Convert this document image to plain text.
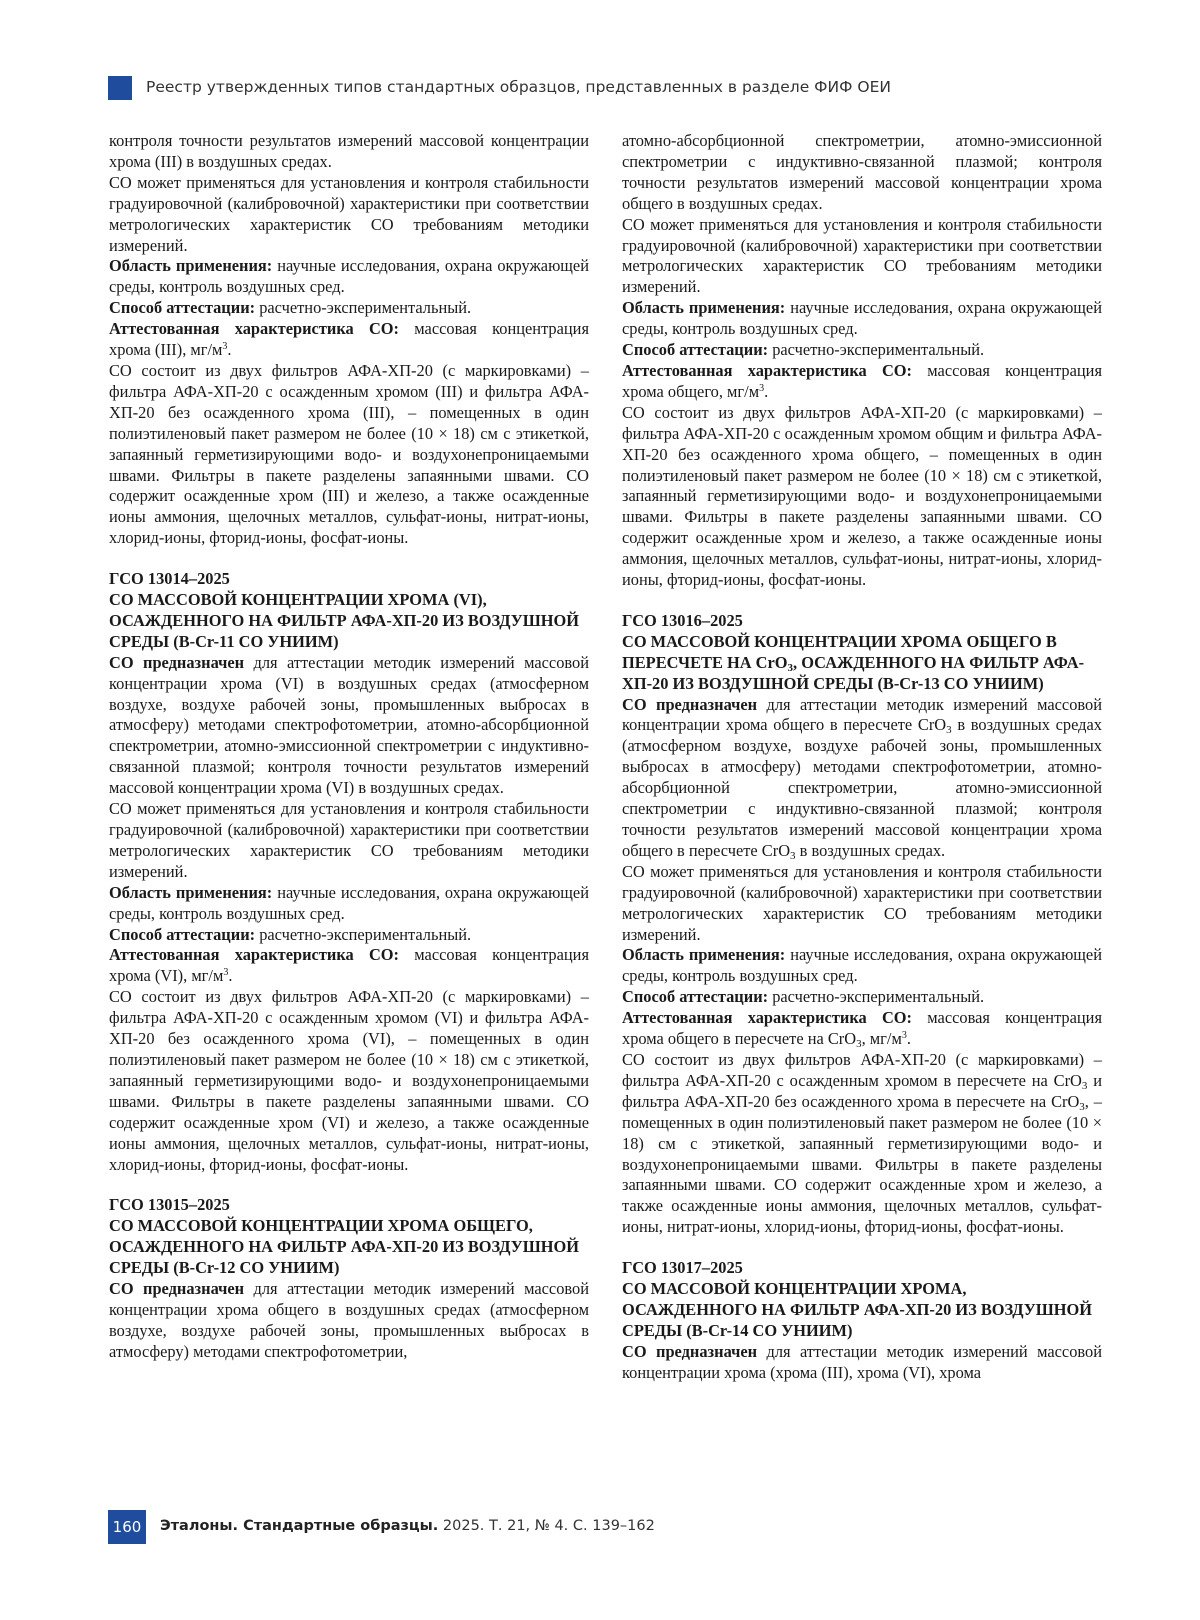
Реестр утвержденных типов стандартных образцов, представленных в разделе ФИФ ОЕИ

контроля точности результатов измерений массовой концентрации хрома (III) в воздушных средах.

СО может применяться для установления и контроля стабильности градуировочной (калибровочной) характеристики при соответствии метрологических характеристик СО требованиям методики измерений.

Область применения: научные исследования, охрана окружающей среды, контроль воздушных сред.

Способ аттестации: расчетно-экспериментальный.

Аттестованная характеристика СО: массовая концентрация хрома (III), $мг/м^3$.

СО состоит из двух фильтров АФА-ХП-20 (с маркировками) – фильтра АФА-ХП-20 с осажденным хромом (III) и фильтра АФА-ХП-20 без осажденного хрома (III), – помещенных в один полиэтиленовый пакет размером не более (10 × 18) см с этикеткой, запаянный герметизирующими водо- и воздухонепроницаемыми швами. Фильтры в пакете разделены запаянными швами. СО содержит осажденные хром (III) и железо, а также осажденные ионы аммония, щелочных металлов, сульфат-ионы, нитрат-ионы, хлорид-ионы, фторид-ионы, фосфат-ионы.

ГСО 13014–2025

СО МАССОВОЙ КОНЦЕНТРАЦИИ ХРОМА (VI), ОСАЖДЕННОГО НА ФИЛЬТР АФА-ХП-20 ИЗ ВОЗДУШНОЙ СРЕДЫ (В-Cr-11 СО УНИИМ)

СО предназначен для аттестации методик измерений массовой концентрации хрома (VI) в воздушных средах (атмосферном воздухе, воздухе рабочей зоны, промышленных выбросах в атмосферу) методами спектрофотометрии, атомно-абсорбционной спектрометрии, атомно-эмиссионной спектрометрии с индуктивно-связанной плазмой; контроля точности результатов измерений массовой концентрации хрома (VI) в воздушных средах.

СО может применяться для установления и контроля стабильности градуировочной (калибровочной) характеристики при соответствии метрологических характеристик СО требованиям методики измерений.

Область применения: научные исследования, охрана окружающей среды, контроль воздушных сред.

Способ аттестации: расчетно-экспериментальный.

Аттестованная характеристика СО: массовая концентрация хрома (VI), $мг/м^3$.

СО состоит из двух фильтров АФА-ХП-20 (с маркировками) – фильтра АФА-ХП-20 с осажденным хромом (VI) и фильтра АФА-ХП-20 без осажденного хрома (VI), – помещенных в один полиэтиленовый пакет размером не более (10 × 18) см с этикеткой, запаянный герметизирующими водо- и воздухонепроницаемыми швами. Фильтры в пакете разделены запаянными швами. СО содержит осажденные хром (VI) и железо, а также осажденные ионы аммония, щелочных металлов, сульфат-ионы, нитрат-ионы, хлорид-ионы, фторид-ионы, фосфат-ионы.

ГСО 13015–2025

СО МАССОВОЙ КОНЦЕНТРАЦИИ ХРОМА ОБЩЕГО, ОСАЖДЕННОГО НА ФИЛЬТР АФА-ХП-20 ИЗ ВОЗДУШНОЙ СРЕДЫ (В-Cr-12 СО УНИИМ)

СО предназначен для аттестации методик измерений массовой концентрации хрома общего в воздушных средах (атмосферном воздухе, воздухе рабочей зоны, промышленных выбросах в атмосферу) методами спектрофотометрии,

атомно-абсорбционной спектрометрии, атомно-эмиссионной спектрометрии с индуктивно-связанной плазмой; контроля точности результатов измерений массовой концентрации хрома общего в воздушных средах.

СО может применяться для установления и контроля стабильности градуировочной (калибровочной) характеристики при соответствии метрологических характеристик СО требованиям методики измерений.

Область применения: научные исследования, охрана окружающей среды, контроль воздушных сред.

Способ аттестации: расчетно-экспериментальный.

Аттестованная характеристика СО: массовая концентрация хрома общего, $мг/м^3$.

СО состоит из двух фильтров АФА-ХП-20 (с маркировками) – фильтра АФА-ХП-20 с осажденным хромом общим и фильтра АФА-ХП-20 без осажденного хрома общего, – помещенных в один полиэтиленовый пакет размером не более (10 × 18) см с этикеткой, запаянный герметизирующими водо- и воздухонепроницаемыми швами. Фильтры в пакете разделены запаянными швами. СО содержит осажденные хром и железо, а также осажденные ионы аммония, щелочных металлов, сульфат-ионы, нитрат-ионы, хлорид-ионы, фторид-ионы, фосфат-ионы.

ГСО 13016–2025

СО МАССОВОЙ КОНЦЕНТРАЦИИ ХРОМА ОБЩЕГО В ПЕРЕСЧЕТЕ НА CrO$_3$, ОСАЖДЕННОГО НА ФИЛЬТР АФА-ХП-20 ИЗ ВОЗДУШНОЙ СРЕДЫ (В-Cr-13 СО УНИИМ)

СО предназначен для аттестации методик измерений массовой концентрации хрома общего в пересчете CrO$_3$ в воздушных средах (атмосферном воздухе, воздухе рабочей зоны, промышленных выбросах в атмосферу) методами спектрофотометрии, атомно-абсорбционной спектрометрии, атомно-эмиссионной спектрометрии с индуктивно-связанной плазмой; контроля точности результатов измерений массовой концентрации хрома общего в пересчете CrO$_3$ в воздушных средах.

СО может применяться для установления и контроля стабильности градуировочной (калибровочной) характеристики при соответствии метрологических характеристик СО требованиям методики измерений.

Область применения: научные исследования, охрана окружающей среды, контроль воздушных сред.

Способ аттестации: расчетно-экспериментальный.

Аттестованная характеристика СО: массовая концентрация хрома общего в пересчете на CrO$_3$, $мг/м^3$.

СО состоит из двух фильтров АФА-ХП-20 (с маркировками) – фильтра АФА-ХП-20 с осажденным хромом в пересчете на CrO$_3$ и фильтра АФА-ХП-20 без осажденного хрома в пересчете на CrO$_3$, – помещенных в один полиэтиленовый пакет размером не более (10 × 18) см с этикеткой, запаянный герметизирующими водо- и воздухонепроницаемыми швами. Фильтры в пакете разделены запаянными швами. СО содержит осажденные хром и железо, а также осажденные ионы аммония, щелочных металлов, сульфат-ионы, нитрат-ионы, хлорид-ионы, фторид-ионы, фосфат-ионы.

ГСО 13017–2025

СО МАССОВОЙ КОНЦЕНТРАЦИИ ХРОМА, ОСАЖДЕННОГО НА ФИЛЬТР АФА-ХП-20 ИЗ ВОЗДУШНОЙ СРЕДЫ (В-Cr-14 СО УНИИМ)

СО предназначен для аттестации методик измерений массовой концентрации хрома (хрома (III), хрома (VI), хрома

160	Эталоны. Стандартные образцы. 2025. Т. 21, № 4. С. 139–162
